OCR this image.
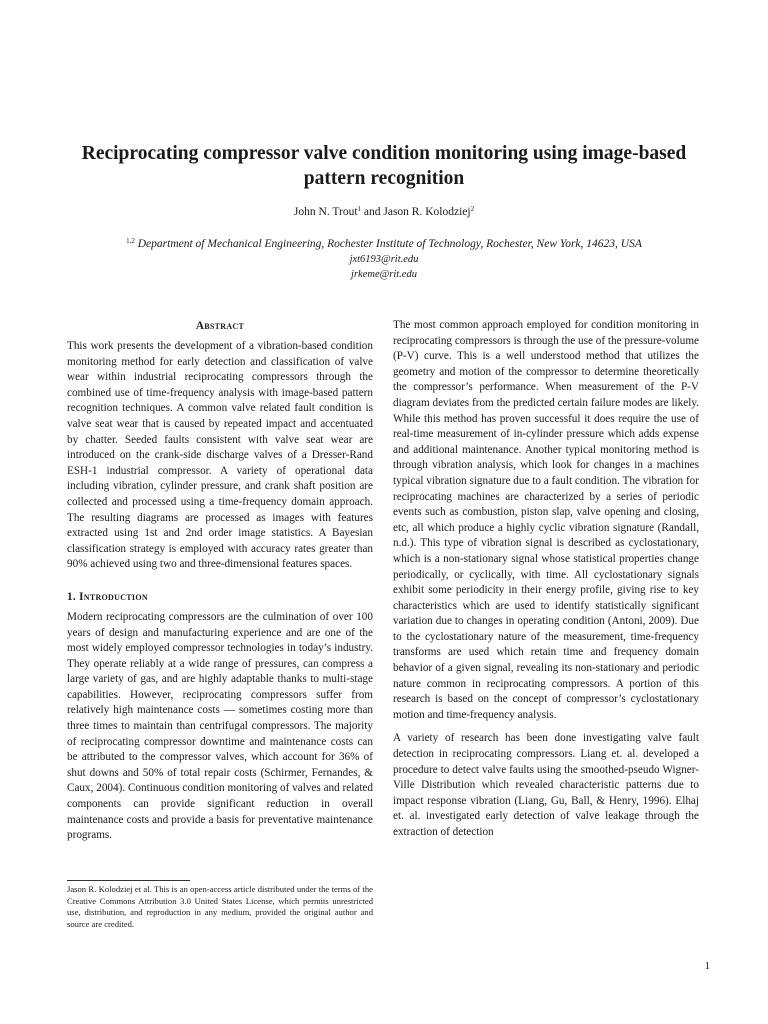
Reciprocating compressor valve condition monitoring using image-based pattern recognition
John N. Trout$^1$ and Jason R. Kolodziej$^2$
$^{1,2}$ Department of Mechanical Engineering, Rochester Institute of Technology, Rochester, New York, 14623, USA
jxt6193@rit.edu
jrkeme@rit.edu
Abstract

This work presents the development of a vibration-based condition monitoring method for early detection and classification of valve wear within industrial reciprocating compressors through the combined use of time-frequency analysis with image-based pattern recognition techniques. A common valve related fault condition is valve seat wear that is caused by repeated impact and accentuated by chatter. Seeded faults consistent with valve seat wear are introduced on the crank-side discharge valves of a Dresser-Rand ESH-1 industrial compressor. A variety of operational data including vibration, cylinder pressure, and crank shaft position are collected and processed using a time-frequency domain approach. The resulting diagrams are processed as images with features extracted using 1st and 2nd order image statistics. A Bayesian classification strategy is employed with accuracy rates greater than 90% achieved using two and three-dimensional features spaces.

1. Introduction

Modern reciprocating compressors are the culmination of over 100 years of design and manufacturing experience and are one of the most widely employed compressor technologies in today’s industry. They operate reliably at a wide range of pressures, can compress a large variety of gas, and are highly adaptable thanks to multi-stage capabilities. However, reciprocating compressors suffer from relatively high maintenance costs — sometimes costing more than three times to maintain than centrifugal compressors. The majority of reciprocating compressor downtime and maintenance costs can be attributed to the compressor valves, which account for 36% of shut downs and 50% of total repair costs (Schirmer, Fernandes, & Caux, 2004). Continuous condition monitoring of valves and related components can provide significant reduction in overall maintenance costs and provide a basis for preventative maintenance programs.

The most common approach employed for condition monitoring in reciprocating compressors is through the use of the pressure-volume (P-V) curve. This is a well understood method that utilizes the geometry and motion of the compressor to determine theoretically the compressor’s performance. When measurement of the P-V diagram deviates from the predicted certain failure modes are likely. While this method has proven successful it does require the use of real-time measurement of in-cylinder pressure which adds expense and additional maintenance. Another typical monitoring method is through vibration analysis, which look for changes in a machines typical vibration signature due to a fault condition. The vibration for reciprocating machines are characterized by a series of periodic events such as combustion, piston slap, valve opening and closing, etc, all which produce a highly cyclic vibration signature (Randall, n.d.). This type of vibration signal is described as cyclostationary, which is a non-stationary signal whose statistical properties change periodically, or cyclically, with time. All cyclostationary signals exhibit some periodicity in their energy profile, giving rise to key characteristics which are used to identify statistically significant variation due to changes in operating condition (Antoni, 2009). Due to the cyclostationary nature of the measurement, time-frequency transforms are used which retain time and frequency domain behavior of a given signal, revealing its non-stationary and periodic nature common in reciprocating compressors. A portion of this research is based on the concept of compressor’s cyclostationary motion and time-frequency analysis.

A variety of research has been done investigating valve fault detection in reciprocating compressors. Liang et. al. developed a procedure to detect valve faults using the smoothed-pseudo Wigner-Ville Distribution which revealed characteristic patterns due to impact response vibration (Liang, Gu, Ball, & Henry, 1996). Elhaj et. al. investigated early detection of valve leakage through the extraction of detection

Jason R. Kolodziej et al. This is an open-access article distributed under the terms of the Creative Commons Attribution 3.0 United States License, which permits unrestricted use, distribution, and reproduction in any medium, provided the original author and source are credited.
1
